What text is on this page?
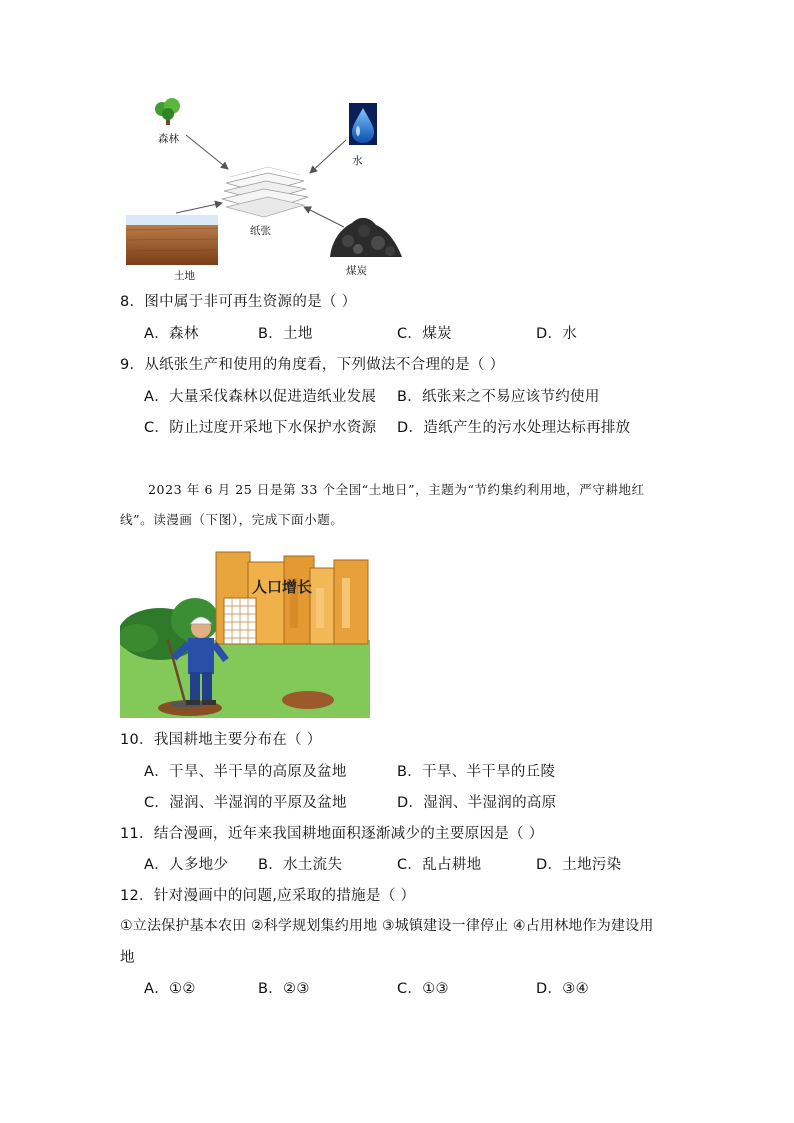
森林
水
纸张
土地	煤炭
8．图中属于非可再生资源的是（ ）
A．森林	B．土地	C．煤炭	D．水
9．从纸张生产和使用的角度看，下列做法不合理的是（ ）
A．大量采伐森林以促进造纸业发展 B．纸张来之不易应该节约使用
C．防止过度开采地下水保护水资源 D．造纸产生的污水处理达标再排放
2023 年 6 月 25 日是第 33 个全国“土地日”，主题为“节约集约利用地，严守耕地红
线”。读漫画（下图），完成下面小题。
人口增长
10．我国耕地主要分布在（ ）
A．干旱、半干旱的高原及盆地	B．干旱、半干旱的丘陵
C．湿润、半湿润的平原及盆地	D．湿润、半湿润的高原
11．结合漫画，近年来我国耕地面积逐渐减少的主要原因是（ ）
A．人多地少 B．水土流失	C．乱占耕地	D．土地污染
12．针对漫画中的问题,应采取的措施是（ ）
①立法保护基本农田 ②科学规划集约用地 ③城镇建设一律停止 ④占用林地作为建设用
地
A．①②	B．②③	C．①③	D．③④
